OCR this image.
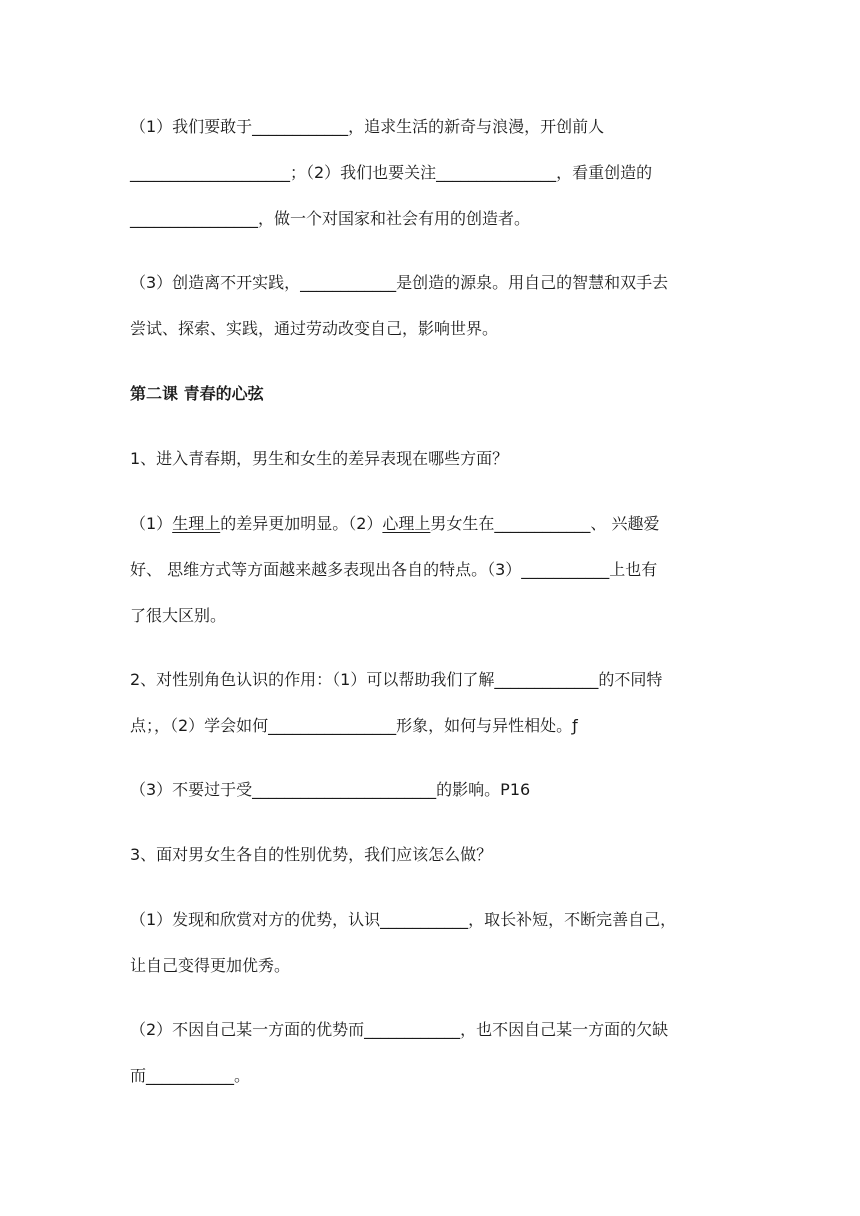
（1）我们要敢于____________，追求生活的新奇与浪漫，开创前人
____________________；（2）我们也要关注_______________，看重创造的
________________，做一个对国家和社会有用的创造者。
（3）创造离不开实践，____________是创造的源泉。用自己的智慧和双手去
尝试、探索、实践，通过劳动改变自己，影响世界。
第二课 青春的心弦
1、进入青春期，男生和女生的差异表现在哪些方面？
（1）生理上的差异更加明显。（2）心理上男女生在____________、 兴趣爱
好、 思维方式等方面越来越多表现出各自的特点。（3）___________上也有
了很大区别。
2、对性别角色认识的作用：（1）可以帮助我们了解_____________的不同特
点；，（2）学会如何________________形象，如何与异性相处。ƒ
（3）不要过于受_______________________的影响。P16
3、面对男女生各自的性别优势，我们应该怎么做？
（1）发现和欣赏对方的优势，认识___________，取长补短，不断完善自己，
让自己变得更加优秀。
（2）不因自己某一方面的优势而____________，也不因自己某一方面的欠缺
而___________。
